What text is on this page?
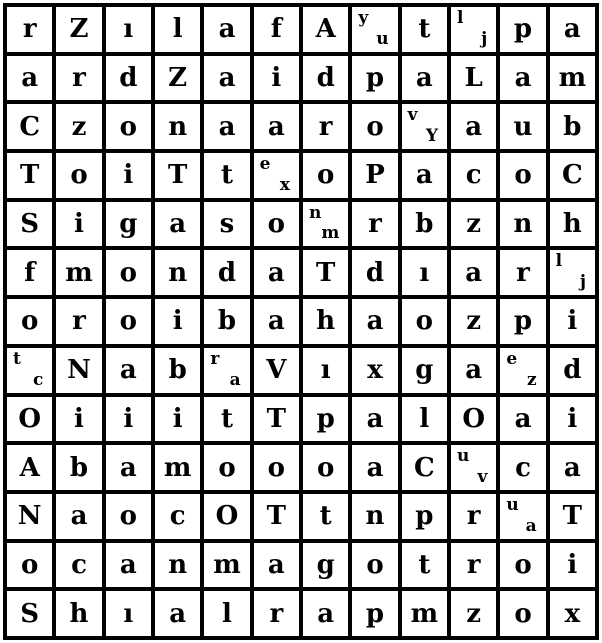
r Z ı l a f A y
u t l
j p a
a r d Z a i d p a L a m
C z o n a a r o v
Y a u b
T o i T t e
x o P a c o C
S i g a s o n
m r b z n h
f m o n d a T d ı a r l
j
o r o i b a h a o z p i
t
c N a b r
a V ı x g a e
z d
O i i i t T p a l O a i
A b a m o o o a C u
v c a
N a o c O T t n p r u
a T
o c a n m a g o t r o i
S h ı a l r a p m z o x
